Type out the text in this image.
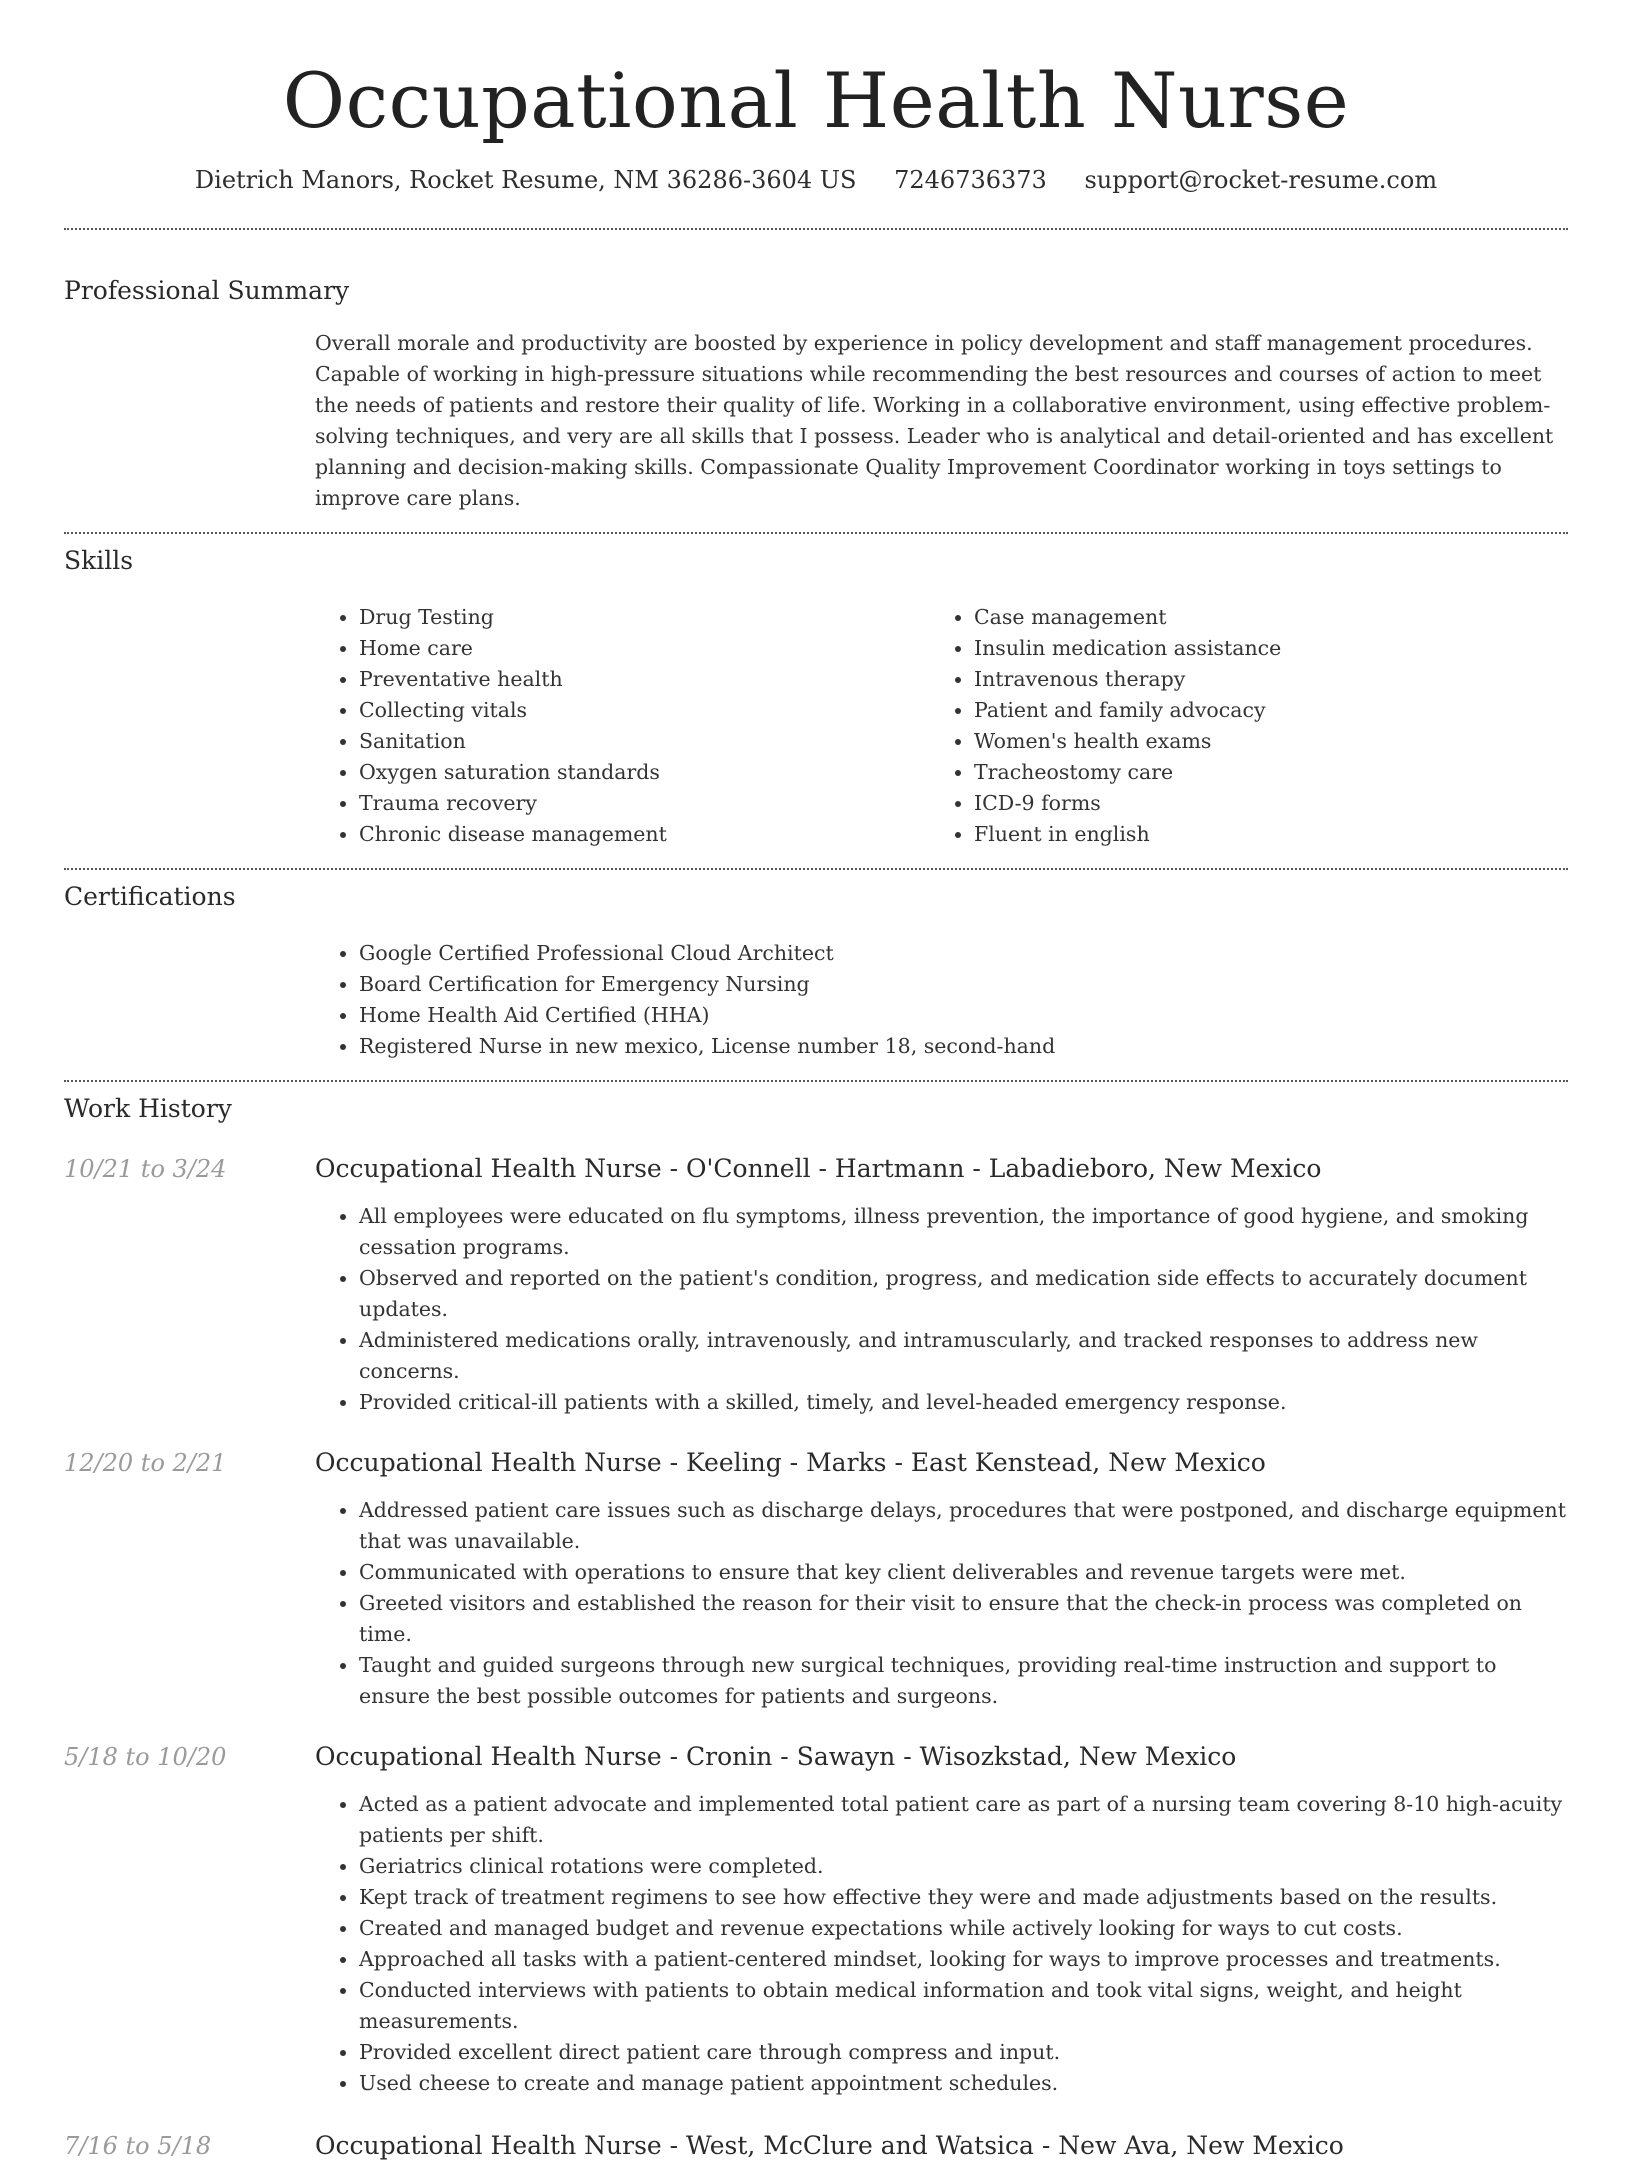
Occupational Health Nurse
Dietrich Manors, Rocket Resume, NM 36286-3604 US 7246736373 support@rocket-resume.com
Professional Summary
Overall morale and productivity are boosted by experience in policy development and staff management procedures. Capable of working in high-pressure situations while recommending the best resources and courses of action to meet the needs of patients and restore their quality of life. Working in a collaborative environment, using effective problem-solving techniques, and very are all skills that I possess. Leader who is analytical and detail-oriented and has excellent planning and decision-making skills. Compassionate Quality Improvement Coordinator working in toys settings to improve care plans.
Skills
• Drug Testing
• Home care
• Preventative health
• Collecting vitals
• Sanitation
• Oxygen saturation standards
• Trauma recovery
• Chronic disease management
• Case management
• Insulin medication assistance
• Intravenous therapy
• Patient and family advocacy
• Women's health exams
• Tracheostomy care
• ICD-9 forms
• Fluent in english
Certifications
• Google Certified Professional Cloud Architect
• Board Certification for Emergency Nursing
• Home Health Aid Certified (HHA)
• Registered Nurse in new mexico, License number 18, second-hand
Work History
10/21 to 3/24	Occupational Health Nurse - O'Connell - Hartmann - Labadieboro, New Mexico
• All employees were educated on flu symptoms, illness prevention, the importance of good hygiene, and smoking cessation programs.
• Observed and reported on the patient's condition, progress, and medication side effects to accurately document updates.
• Administered medications orally, intravenously, and intramuscularly, and tracked responses to address new concerns.
• Provided critical-ill patients with a skilled, timely, and level-headed emergency response.
12/20 to 2/21	Occupational Health Nurse - Keeling - Marks - East Kenstead, New Mexico
• Addressed patient care issues such as discharge delays, procedures that were postponed, and discharge equipment that was unavailable.
• Communicated with operations to ensure that key client deliverables and revenue targets were met.
• Greeted visitors and established the reason for their visit to ensure that the check-in process was completed on time.
• Taught and guided surgeons through new surgical techniques, providing real-time instruction and support to ensure the best possible outcomes for patients and surgeons.
5/18 to 10/20	Occupational Health Nurse - Cronin - Sawayn - Wisozkstad, New Mexico
• Acted as a patient advocate and implemented total patient care as part of a nursing team covering 8-10 high-acuity patients per shift.
• Geriatrics clinical rotations were completed.
• Kept track of treatment regimens to see how effective they were and made adjustments based on the results.
• Created and managed budget and revenue expectations while actively looking for ways to cut costs.
• Approached all tasks with a patient-centered mindset, looking for ways to improve processes and treatments.
• Conducted interviews with patients to obtain medical information and took vital signs, weight, and height measurements.
• Provided excellent direct patient care through compress and input.
• Used cheese to create and manage patient appointment schedules.
7/16 to 5/18	Occupational Health Nurse - West, McClure and Watsica - New Ava, New Mexico
